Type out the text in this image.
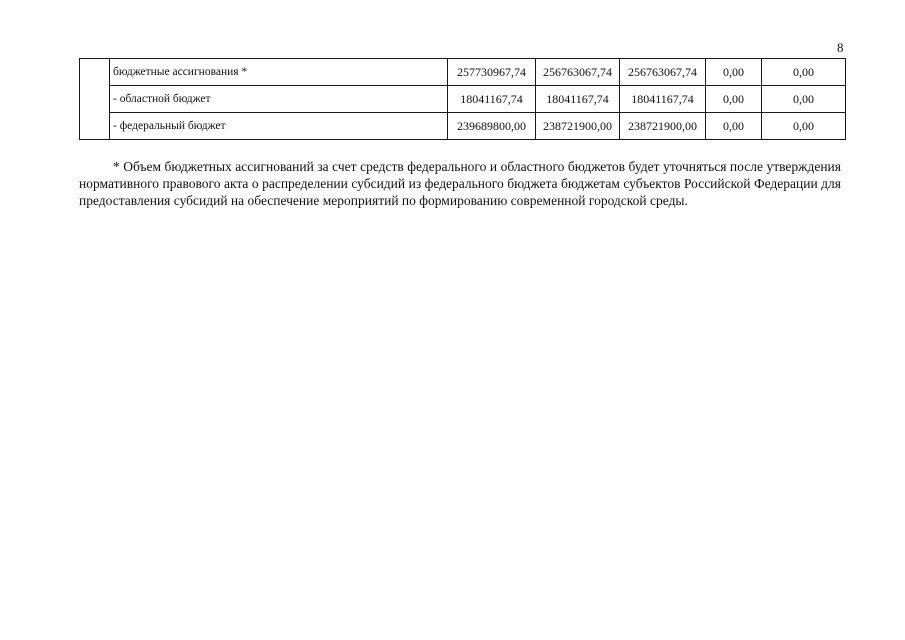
8
	бюджетные ассигнования *	257730967,74	256763067,74	256763067,74	0,00	0,00
	- областной бюджет	18041167,74	18041167,74	18041167,74	0,00	0,00
	- федеральный бюджет	239689800,00	238721900,00	238721900,00	0,00	0,00

* Объем бюджетных ассигнований за счет средств федерального и областного бюджетов будет уточняться после утверждения нормативного правового акта о распределении субсидий из федерального бюджета бюджетам субъектов Российской Федерации для предоставления субсидий на обеспечение мероприятий по формированию современной городской среды.
